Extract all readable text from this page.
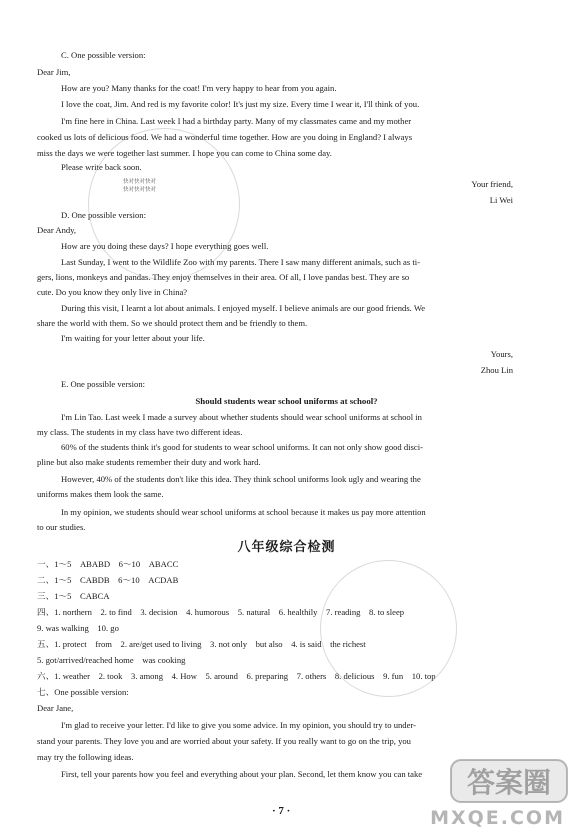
C. One possible version:
Dear Jim,
How are you? Many thanks for the coat! I'm very happy to hear from you again.
I love the coat, Jim. And red is my favorite color! It's just my size. Every time I wear it, I'll think of you.
I'm fine here in China. Last week I had a birthday party. Many of my classmates came and my mother
cooked us lots of delicious food. We had a wonderful time together. How are you doing in England? I always
miss the days we were together last summer. I hope you can come to China some day.
Please write back soon.
快对快对快对
快对快对快对
Your friend,
Li Wei
D. One possible version:
Dear Andy,
How are you doing these days? I hope everything goes well.
Last Sunday, I went to the Wildlife Zoo with my parents. There I saw many different animals, such as ti-
gers, lions, monkeys and pandas. They enjoy themselves in their area. Of all, I love pandas best. They are so
cute. Do you know they only live in China?
During this visit, I learnt a lot about animals. I enjoyed myself. I believe animals are our good friends. We
share the world with them. So we should protect them and be friendly to them.
I'm waiting for your letter about your life.
Yours,
Zhou Lin
E. One possible version:
Should students wear school uniforms at school?
I'm Lin Tao. Last week I made a survey about whether students should wear school uniforms at school in
my class. The students in my class have two different ideas.
60% of the students think it's good for students to wear school uniforms. It can not only show good disci-
pline but also make students remember their duty and work hard.
However, 40% of the students don't like this idea. They think school uniforms look ugly and wearing the
uniforms makes them look the same.
In my opinion, we students should wear school uniforms at school because it makes us pay more attention
to our studies.
八年级综合检测
一、1～5　ABABD　6～10　ABACC
二、1～5　CABDB　6～10　ACDAB
三、1～5　CABCA
四、1. northern　2. to find　3. decision　4. humorous　5. natural　6. healthily　7. reading　8. to sleep
9. was walking　10. go
五、1. protect　from　2. are/get used to living　3. not only　but also　4. is said　the richest
5. got/arrived/reached home　was cooking
六、1. weather　2. took　3. among　4. How　5. around　6. preparing　7. others　8. delicious　9. fun　10. top
七、One possible version:
Dear Jane,
I'm glad to receive your letter. I'd like to give you some advice. In my opinion, you should try to under-
stand your parents. They love you and are worried about your safety. If you really want to go on the trip, you
may try the following ideas.
First, tell your parents how you feel and everything about your plan. Second, let them know you can take
· 7 ·
答案圈
MXQE.COM
